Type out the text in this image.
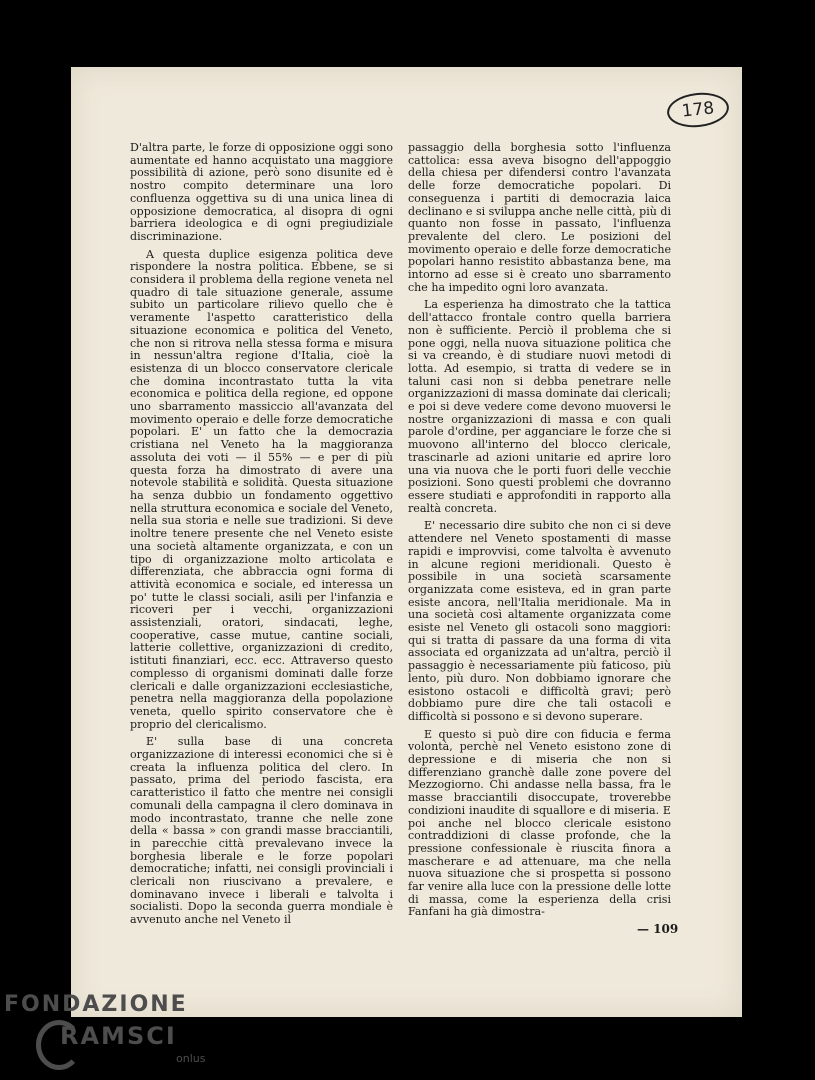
178

D'altra parte, le forze di opposizione oggi sono aumentate ed hanno acquistato una maggiore possibilità di azione, però sono disunite ed è nostro compito determinare una loro confluenza oggettiva su di una unica linea di opposizione democratica, al disopra di ogni barriera ideologica e di ogni pregiudiziale discriminazione.

A questa duplice esigenza politica deve rispondere la nostra politica. Ebbene, se si considera il problema della regione veneta nel quadro di tale situazione generale, assume subito un particolare rilievo quello che è veramente l'aspetto caratteristico della situazione economica e politica del Veneto, che non si ritrova nella stessa forma e misura in nessun'altra regione d'Italia, cioè la esistenza di un blocco conservatore clericale che domina incontrastato tutta la vita economica e politica della regione, ed oppone uno sbarramento massiccio all'avanzata del movimento operaio e delle forze democratiche popolari. E' un fatto che la democrazia cristiana nel Veneto ha la maggioranza assoluta dei voti — il 55% — e per di più questa forza ha dimostrato di avere una notevole stabilità e solidità. Questa situazione ha senza dubbio un fondamento oggettivo nella struttura economica e sociale del Veneto, nella sua storia e nelle sue tradizioni. Si deve inoltre tenere presente che nel Veneto esiste una società altamente organizzata, e con un tipo di organizzazione molto articolata e differenziata, che abbraccia ogni forma di attività economica e sociale, ed interessa un po' tutte le classi sociali, asili per l'infanzia e ricoveri per i vecchi, organizzazioni assistenziali, oratori, sindacati, leghe, cooperative, casse mutue, cantine sociali, latterie collettive, organizzazioni di credito, istituti finanziari, ecc. ecc. Attraverso questo complesso di organismi dominati dalle forze clericali e dalle organizzazioni ecclesiastiche, penetra nella maggioranza della popolazione veneta, quello spirito conservatore che è proprio del clericalismo.

E' sulla base di una concreta organizzazione di interessi economici che si è creata la influenza politica del clero. In passato, prima del periodo fascista, era caratteristico il fatto che mentre nei consigli comunali della campagna il clero dominava in modo incontrastato, tranne che nelle zone della « bassa » con grandi masse bracciantili, in parecchie città prevalevano invece la borghesia liberale e le forze popolari democratiche; infatti, nei consigli provinciali i clericali non riuscivano a prevalere, e dominavano invece i liberali e talvolta i socialisti. Dopo la seconda guerra mondiale è avvenuto anche nel Veneto il

passaggio della borghesia sotto l'influenza cattolica: essa aveva bisogno dell'appoggio della chiesa per difendersi contro l'avanzata delle forze democratiche popolari. Di conseguenza i partiti di democrazia laica declinano e si sviluppa anche nelle città, più di quanto non fosse in passato, l'influenza prevalente del clero. Le posizioni del movimento operaio e delle forze democratiche popolari hanno resistito abbastanza bene, ma intorno ad esse si è creato uno sbarramento che ha impedito ogni loro avanzata.

La esperienza ha dimostrato che la tattica dell'attacco frontale contro quella barriera non è sufficiente. Perciò il problema che si pone oggi, nella nuova situazione politica che si va creando, è di studiare nuovi metodi di lotta. Ad esempio, si tratta di vedere se in taluni casi non si debba penetrare nelle organizzazioni di massa dominate dai clericali; e poi si deve vedere come devono muoversi le nostre organizzazioni di massa e con quali parole d'ordine, per agganciare le forze che si muovono all'interno del blocco clericale, trascinarle ad azioni unitarie ed aprire loro una via nuova che le porti fuori delle vecchie posizioni. Sono questi problemi che dovranno essere studiati e approfonditi in rapporto alla realtà concreta.

E' necessario dire subito che non ci si deve attendere nel Veneto spostamenti di masse rapidi e improvvisi, come talvolta è avvenuto in alcune regioni meridionali. Questo è possibile in una società scarsamente organizzata come esisteva, ed in gran parte esiste ancora, nell'Italia meridionale. Ma in una società così altamente organizzata come esiste nel Veneto gli ostacoli sono maggiori: qui si tratta di passare da una forma di vita associata ed organizzata ad un'altra, perciò il passaggio è necessariamente più faticoso, più lento, più duro. Non dobbiamo ignorare che esistono ostacoli e difficoltà gravi; però dobbiamo pure dire che tali ostacoli e difficoltà si possono e si devono superare.

E questo si può dire con fiducia e ferma volontà, perchè nel Veneto esistono zone di depressione e di miseria che non si differenziano granchè dalle zone povere del Mezzogiorno. Chi andasse nella bassa, fra le masse bracciantili disoccupate, troverebbe condizioni inaudite di squallore e di miseria. E poi anche nel blocco clericale esistono contraddizioni di classe profonde, che la pressione confessionale è riuscita finora a mascherare e ad attenuare, ma che nella nuova situazione che si prospetta si possono far venire alla luce con la pressione delle lotte di massa, come la esperienza della crisi Fanfani ha già dimostra-

— 109
FONDAZIONE
RAMSCI
onlus
